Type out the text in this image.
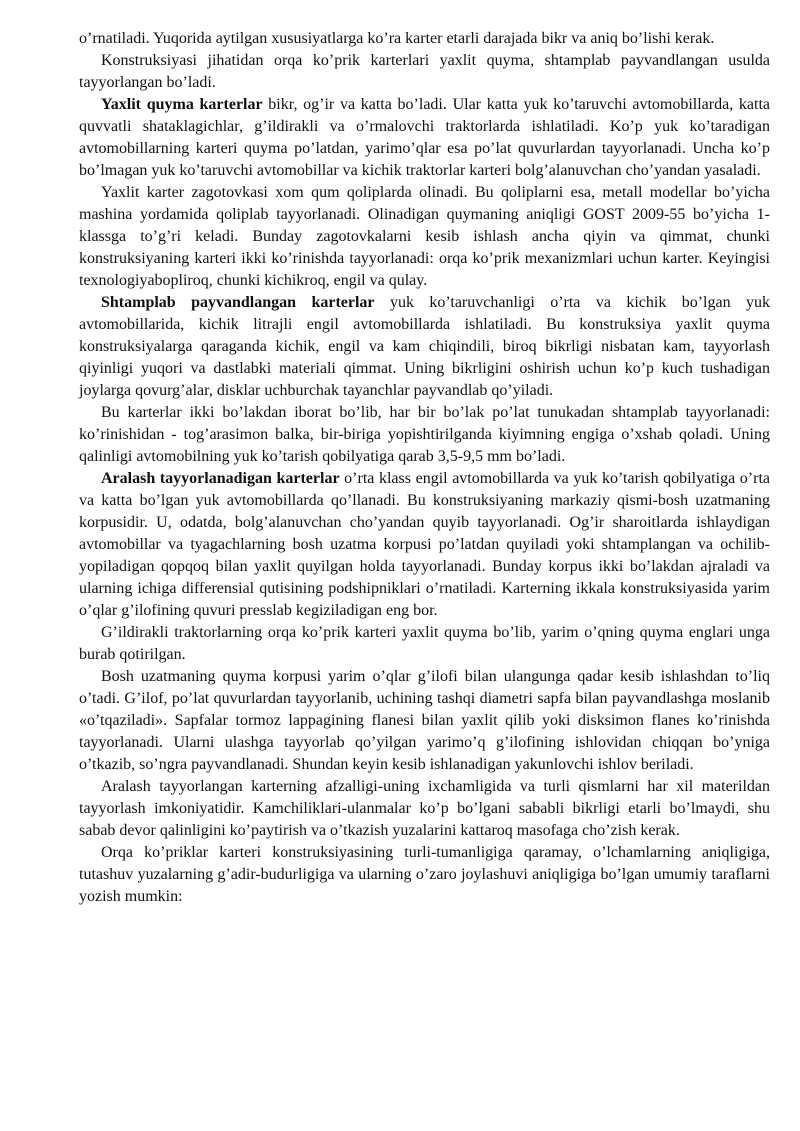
o’rnatiladi. Yuqorida aytilgan xususiyatlarga ko’ra karter etarli darajada bikr va aniq bo’lishi kerak.

Konstruksiyasi jihatidan orqa ko’prik karterlari yaxlit quyma, shtamplab payvandlangan usulda tayyorlangan bo’ladi.

Yaxlit quyma karterlar bikr, og’ir va katta bo’ladi. Ular katta yuk ko’taruvchi avtomobillarda, katta quvvatli shataklagichlar, g’ildirakli va o’rmalovchi traktorlarda ishlatiladi. Ko’p yuk ko’taradigan avtomobillarning karteri quyma po’latdan, yarimo’qlar esa po’lat quvurlardan tayyorlanadi. Uncha ko’p bo’lmagan yuk ko’taruvchi avtomobillar va kichik traktorlar karteri bolg’alanuvchan cho’yandan yasaladi.

Yaxlit karter zagotovkasi xom qum qoliplarda olinadi. Bu qoliplarni esa, metall modellar bo’yicha mashina yordamida qoliplab tayyorlanadi. Olinadigan quymaning aniqligi GOST 2009-55 bo’yicha 1-klassga to’g’ri keladi. Bunday zagotovkalarni kesib ishlash ancha qiyin va qimmat, chunki konstruksiyaning karteri ikki ko’rinishda tayyorlanadi: orqa ko’prik mexanizmlari uchun karter. Keyingisi texnologiyabopliroq, chunki kichikroq, engil va qulay.

Shtamplab payvandlangan karterlar yuk ko’taruvchanligi o’rta va kichik bo’lgan yuk avtomobillarida, kichik litrajli engil avtomobillarda ishlatiladi. Bu konstruksiya yaxlit quyma konstruksiyalarga qaraganda kichik, engil va kam chiqindili, biroq bikrligi nisbatan kam, tayyorlash qiyinligi yuqori va dastlabki materiali qimmat. Uning bikrligini oshirish uchun ko’p kuch tushadigan joylarga qovurg’alar, disklar uchburchak tayanchlar payvandlab qo’yiladi.

Bu karterlar ikki bo’lakdan iborat bo’lib, har bir bo’lak po’lat tunukadan shtamplab tayyorlanadi: ko’rinishidan - tog’arasimon balka, bir-biriga yopishtirilganda kiyimning engiga o’xshab qoladi. Uning qalinligi avtomobilning yuk ko’tarish qobilyatiga qarab 3,5-9,5 mm bo’ladi.

Aralash tayyorlanadigan karterlar o’rta klass engil avtomobillarda va yuk ko’tarish qobilyatiga o’rta va katta bo’lgan yuk avtomobillarda qo’llanadi. Bu konstruksiyaning markaziy qismi-bosh uzatmaning korpusidir. U, odatda, bolg’alanuvchan cho’yandan quyib tayyorlanadi. Og’ir sharoitlarda ishlaydigan avtomobillar va tyagachlarning bosh uzatma korpusi po’latdan quyiladi yoki shtamplangan va ochilib-yopiladigan qopqoq bilan yaxlit quyilgan holda tayyorlanadi. Bunday korpus ikki bo’lakdan ajraladi va ularning ichiga differensial qutisining podshipniklari o’rnatiladi. Karterning ikkala konstruksiyasida yarim o’qlar g’ilofining quvuri presslab kegiziladigan eng bor.

G’ildirakli traktorlarning orqa ko’prik karteri yaxlit quyma bo’lib, yarim o’qning quyma englari unga burab qotirilgan.

Bosh uzatmaning quyma korpusi yarim o’qlar g’ilofi bilan ulangunga qadar kesib ishlashdan to’liq o’tadi. G’ilof, po’lat quvurlardan tayyorlanib, uchining tashqi diametri sapfa bilan payvandlashga moslanib «o’tqaziladi». Sapfalar tormoz lappagining flanesi bilan yaxlit qilib yoki disksimon flanes ko’rinishda tayyorlanadi. Ularni ulashga tayyorlab qo’yilgan yarimo’q g’ilofining ishlovidan chiqqan bo’yniga o’tkazib, so’ngra payvandlanadi. Shundan keyin kesib ishlanadigan yakunlovchi ishlov beriladi.

Aralash tayyorlangan karterning afzalligi-uning ixchamligida va turli qismlarni har xil materildan tayyorlash imkoniyatidir. Kamchiliklari-ulanmalar ko’p bo’lgani sababli bikrligi etarli bo’lmaydi, shu sabab devor qalinligini ko’paytirish va o’tkazish yuzalarini kattaroq masofaga cho’zish kerak.

Orqa ko’priklar karteri konstruksiyasining turli-tumanligiga qaramay, o’lchamlarning aniqligiga, tutashuv yuzalarning g’adir-budurligiga va ularning o’zaro joylashuvi aniqligiga bo’lgan umumiy taraflarni yozish mumkin:
